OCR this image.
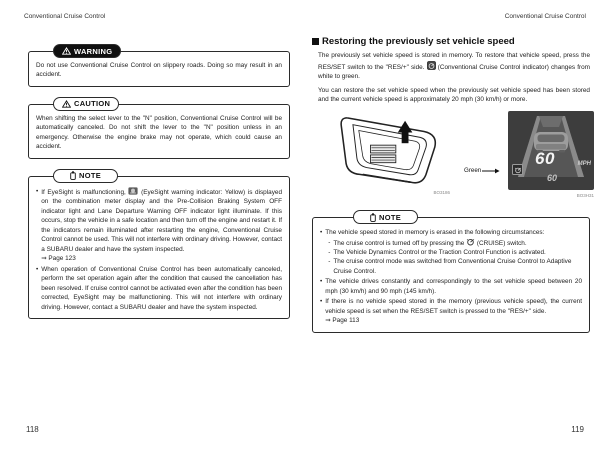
Conventional Cruise Control	Conventional Cruise Control
WARNING
Do not use Conventional Cruise Control on slippery roads. Doing so may result in an accident.
CAUTION
When shifting the select lever to the "N" position, Conventional Cruise Control will be automatically canceled. Do not shift the lever to the "N" position unless in an emergency. Otherwise the engine brake may not operate, which could cause an accident.
NOTE
• If EyeSight is malfunctioning, (EyeSight warning indicator: Yellow) is displayed on the combination meter display and the Pre-Collision Braking System OFF indicator light and Lane Departure Warning OFF indicator light illuminate. If this occurs, stop the vehicle in a safe location and then turn off the engine and restart it. If the indicators remain illuminated after restarting the engine, Conventional Cruise Control cannot be used. This will not interfere with ordinary driving. However, contact a SUBARU dealer and have the system inspected.
⇒ Page 123
• When operation of Conventional Cruise Control has been automatically canceled, perform the set operation again after the condition that caused the cancellation has been resolved. If cruise control cannot be activated even after the condition has been corrected, EyeSight may be malfunctioning. This will not interfere with ordinary driving. However, contact a SUBARU dealer and have the system inspected.
Restoring the previously set vehicle speed
The previously set vehicle speed is stored in memory. To restore that vehicle speed, press the RES/SET switch to the "RES/+" side. (Conventional Cruise Control indicator) changes from white to green.
You can restore the set vehicle speed when the previously set vehicle speed has been stored and the current vehicle speed is approximately 20 mph (30 km/h) or more.
BO3186
60	MPH
60
Green
BO3H31
NOTE
• The vehicle speed stored in memory is erased in the following circumstances:
- The cruise control is turned off by pressing the (CRUISE) switch.
- The Vehicle Dynamics Control or the Traction Control Function is activated.
- The cruise control mode was switched from Conventional Cruise Control to Adaptive Cruise Control.
• The vehicle drives constantly and correspondingly to the set vehicle speed between 20 mph (30 km/h) and 90 mph (145 km/h).
• If there is no vehicle speed stored in the memory (previous vehicle speed), the current vehicle speed is set when the RES/SET switch is pressed to the "RES/+" side.
⇒ Page 113
118	119
